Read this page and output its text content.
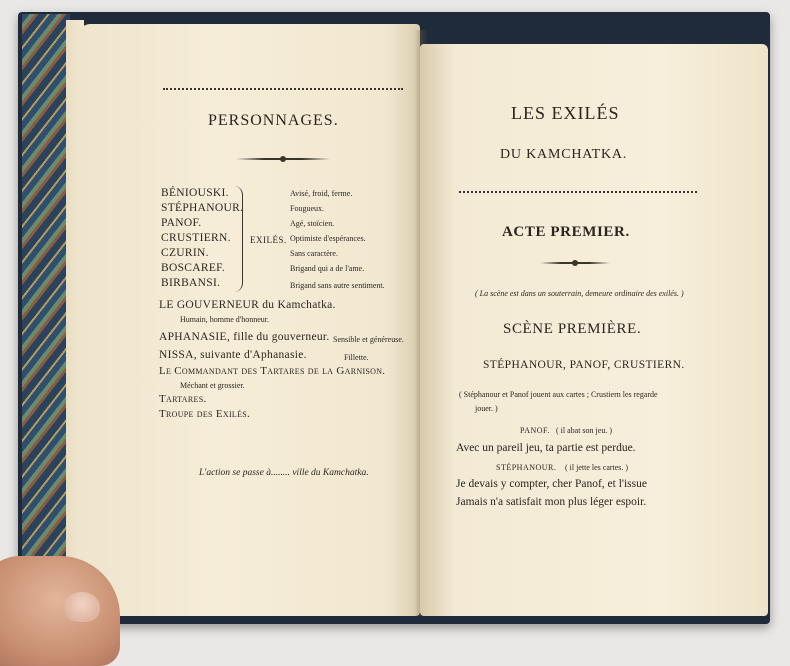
PERSONNAGES.
BÉNIOUSKI.
STÉPHANOUR.
PANOF.
CRUSTIERN.
CZURIN.
BOSCAREF.
BIRBANSI.
EXILÉS.
Avisé, froid, ferme.
Fougueux.
Agé, stoïcien.
Optimiste d'espérances.
Sans caractère.
Brigand qui a de l'ame.
Brigand sans autre sentiment.
LE GOUVERNEUR du Kamchatka.
Humain, homme d'honneur.
APHANASIE, fille du gouverneur. Sensible et généreuse.
NISSA, suivante d'Aphanasie.	Fillette.
Le Commandant des Tartares de la Garnison.
Méchant et grossier.
Tartares.
Troupe des Exilés.
L'action se passe à........ ville du Kamchatka.
LES EXILÉS
DU KAMCHATKA.
ACTE PREMIER.
( La scène est dans un souterrain, demeure ordinaire des exilés. )
SCÈNE PREMIÈRE.
STÉPHANOUR, PANOF, CRUSTIERN.
( Stéphanour et Panof jouent aux cartes ; Crustiern les regarde
jouer. )
PANOF. ( il abat son jeu. )
Avec un pareil jeu, ta partie est perdue.
STÉPHANOUR. ( il jette les cartes. )
Je devais y compter, cher Panof, et l'issue
Jamais n'a satisfait mon plus léger espoir.
